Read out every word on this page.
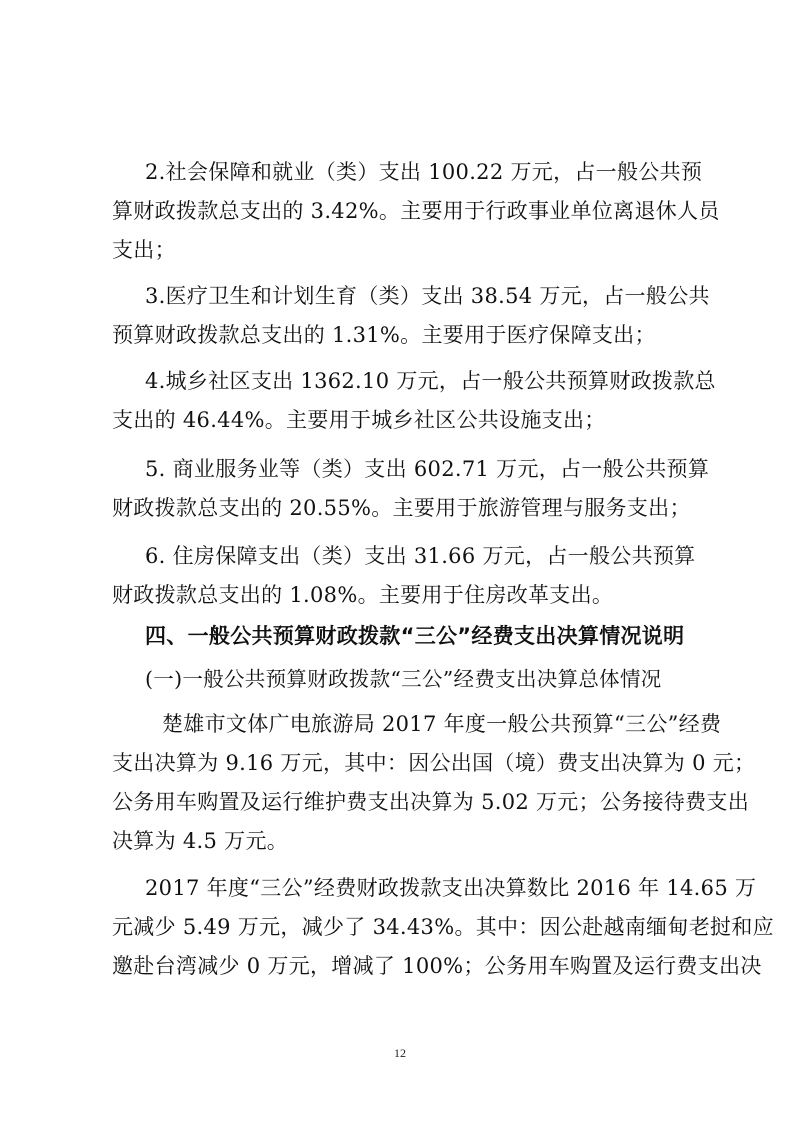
2.社会保障和就业（类）支出 100.22 万元，占一般公共预
算财政拨款总支出的 3.42%。主要用于行政事业单位离退休人员
支出；
3.医疗卫生和计划生育（类）支出 38.54 万元，占一般公共
预算财政拨款总支出的 1.31%。主要用于医疗保障支出；
4.城乡社区支出 1362.10 万元，占一般公共预算财政拨款总
支出的 46.44%。主要用于城乡社区公共设施支出；
5. 商业服务业等（类）支出 602.71 万元，占一般公共预算
财政拨款总支出的 20.55%。主要用于旅游管理与服务支出；
6. 住房保障支出（类）支出 31.66 万元，占一般公共预算
财政拨款总支出的 1.08%。主要用于住房改革支出。
四、一般公共预算财政拨款“三公”经费支出决算情况说明
(一)一般公共预算财政拨款“三公”经费支出决算总体情况
楚雄市文体广电旅游局 2017 年度一般公共预算“三公”经费
支出决算为 9.16 万元，其中：因公出国（境）费支出决算为 0 元；
公务用车购置及运行维护费支出决算为 5.02 万元；公务接待费支出
决算为 4.5 万元。
2017 年度“三公”经费财政拨款支出决算数比 2016 年 14.65 万
元减少 5.49 万元，减少了 34.43%。其中：因公赴越南缅甸老挝和应
邀赴台湾减少 0 万元，增减了 100%；公务用车购置及运行费支出决
12
